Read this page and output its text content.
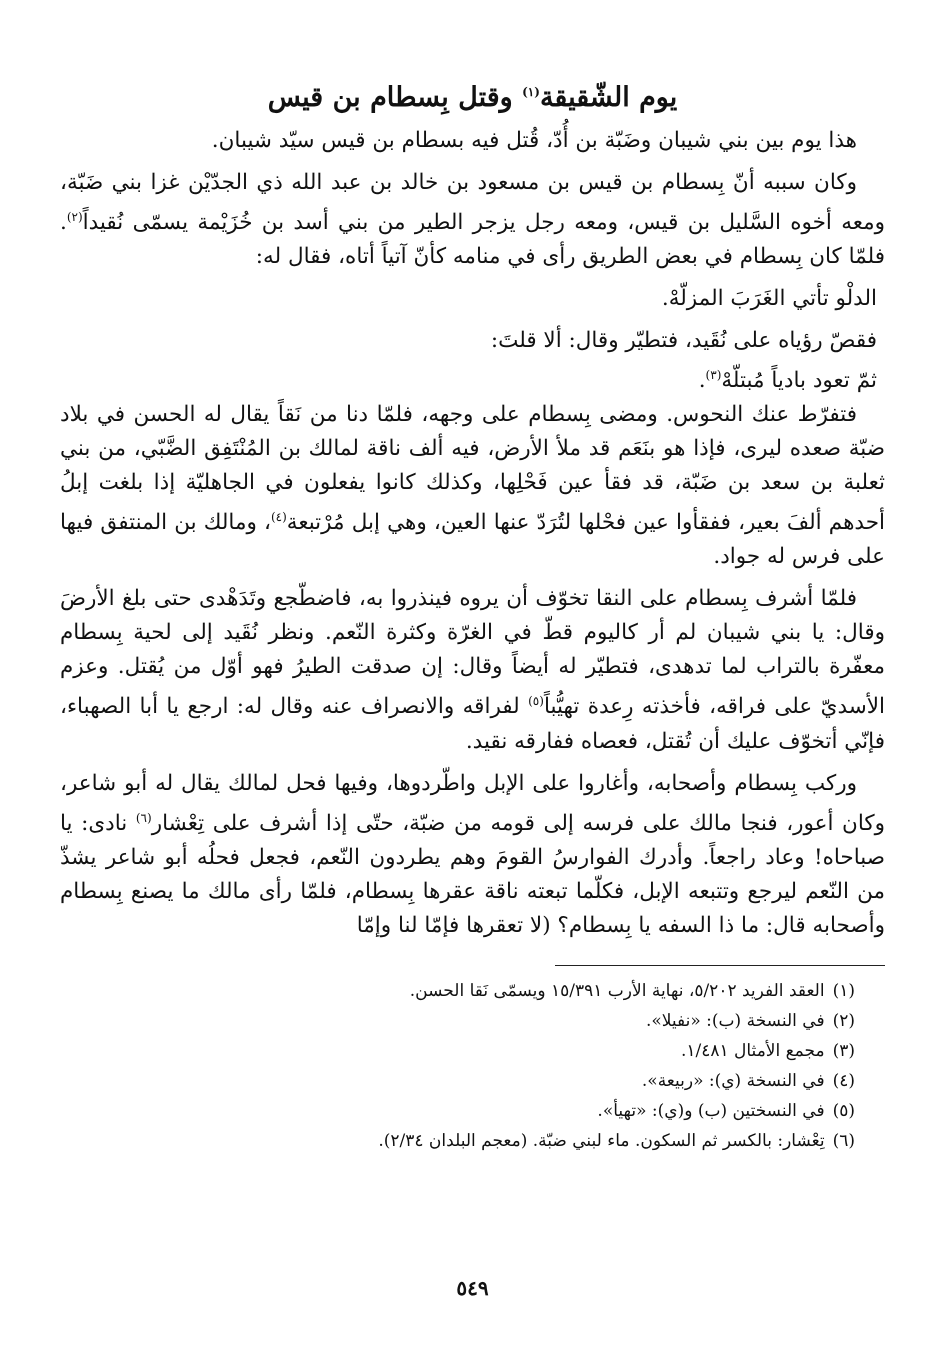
يوم الشّقيقة$^{(١)}$ وقتل بِسطام بن قيس

هذا يوم بين بني شيبان وضَبّة بن أُدّ، قُتل فيه بسطام بن قيس سيّد شيبان.

وكان سببه أنّ بِسطام بن قيس بن مسعود بن خالد بن عبد الله ذي الجدّيْن غزا بني ضَبّة، ومعه أخوه السَّليل بن قيس، ومعه رجل يزجر الطير من بني أسد بن خُزَيْمة يسمّى نُقيداً$^{(٢)}$. فلمّا كان بِسطام في بعض الطريق رأى في منامه كأنّ آتياً أتاه، فقال له:

الدلْو تأتي الغَرَبَ المزلّهْ.

فقصّ رؤياه على نُقَيد، فتطيّر وقال: ألا قلتَ:

ثمّ تعود بادياً مُبتلّهْ$^{(٣)}$.

فتفرّط عنك النحوس. ومضى بِسطام على وجهه، فلمّا دنا من نَقاً يقال له الحسن في بلاد ضبّة صعده ليرى، فإذا هو بنَعَم قد ملأ الأرض، فيه ألف ناقة لمالك بن المُنْتَفِق الضَّبّي، من بني ثعلبة بن سعد بن ضَبّة، قد فقأ عين فَحْلِها، وكذلك كانوا يفعلون في الجاهليّة إذا بلغت إبلُ أحدهم ألفَ بعير، ففقأوا عين فحْلها لتُرَدّ عنها العين، وهي إبل مُرْتبعة$^{(٤)}$، ومالك بن المنتفق فيها على فرس له جواد.

فلمّا أشرف بِسطام على النقا تخوّف أن يروه فينذروا به، فاضطّجع وتَدَهْدى حتى بلغ الأرضَ وقال: يا بني شيبان لم أر كاليوم قطّ في الغرّة وكثرة النّعم. ونظر نُقَيد إلى لحية بِسطام معفّرة بالتراب لما تدهدى، فتطيّر له أيضاً وقال: إن صدقت الطيرُ فهو أوّل من يُقتل. وعزم الأسديّ على فراقه، فأخذته رِعدة تهيُّباً$^{(٥)}$ لفراقه والانصراف عنه وقال له: ارجع يا أبا الصهباء، فإنّي أتخوّف عليك أن تُقتل، فعصاه ففارقه نقيد.

وركب بِسطام وأصحابه، وأغاروا على الإبل واطّردوها، وفيها فحل لمالك يقال له أبو شاعر، وكان أعور، فنجا مالك على فرسه إلى قومه من ضبّة، حتّى إذا أشرف على تِعْشار$^{(٦)}$ نادى: يا صباحاه! وعاد راجعاً. وأدرك الفوارسُ القومَ وهم يطردون النّعم، فجعل فحلُه أبو شاعر يشذّ من النّعم ليرجع وتتبعه الإبل، فكلّما تبعته ناقة عقرها بِسطام، فلمّا رأى مالك ما يصنع بِسطام وأصحابه قال: ما ذا السفه يا بِسطام؟ (لا تعقرها فإمّا لنا وإمّا

(١)العقد الفريد ٥/٢٠٢، نهاية الأرب ١٥/٣٩١ ويسمّى نَقا الحسن.
(٢)في النسخة (ب): «نفيلا».
(٣)مجمع الأمثال ١/٤٨١.
(٤)في النسخة (ي): «ربيعة».
(٥)في النسختين (ب) و(ي): «تهيأ».
(٦)تِعْشار: بالكسر ثم السكون. ماء لبني ضبّة. (معجم البلدان ٢/٣٤).
٥٤٩
